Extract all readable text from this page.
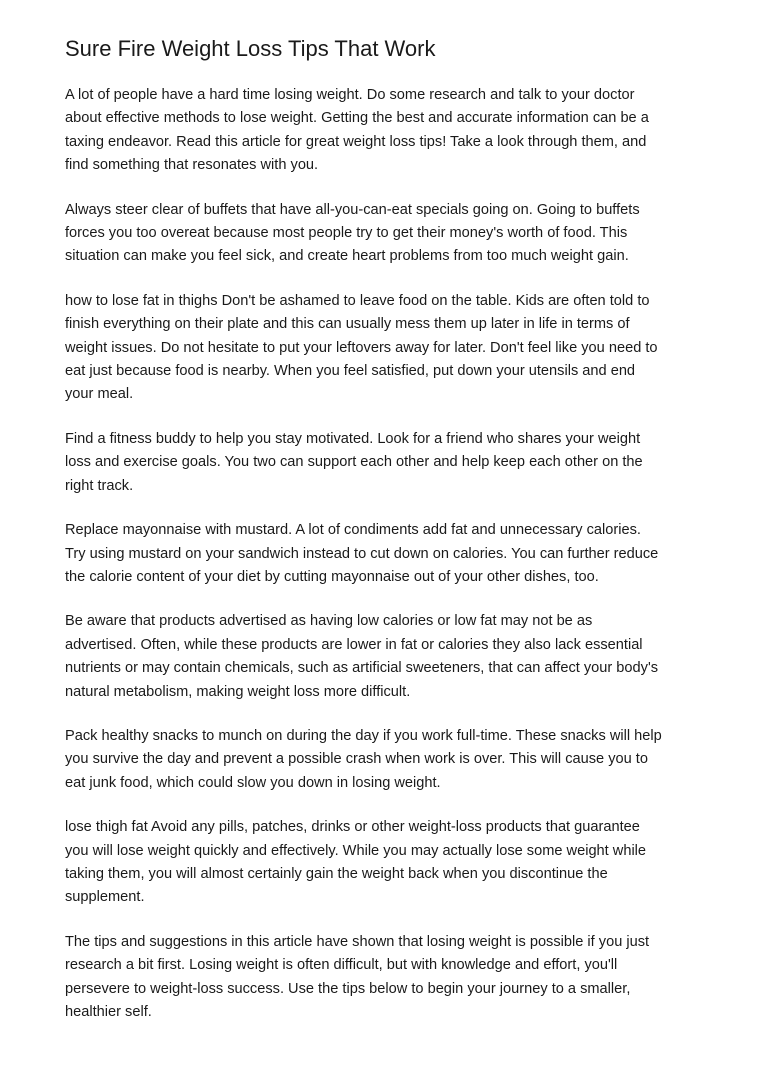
Sure Fire Weight Loss Tips That Work
A lot of people have a hard time losing weight. Do some research and talk to your doctor
about effective methods to lose weight. Getting the best and accurate information can be a
taxing endeavor. Read this article for great weight loss tips! Take a look through them, and
find something that resonates with you.
Always steer clear of buffets that have all-you-can-eat specials going on. Going to buffets
forces you too overeat because most people try to get their money's worth of food. This
situation can make you feel sick, and create heart problems from too much weight gain.
how to lose fat in thighs Don't be ashamed to leave food on the table. Kids are often told to
finish everything on their plate and this can usually mess them up later in life in terms of
weight issues. Do not hesitate to put your leftovers away for later. Don't feel like you need to
eat just because food is nearby. When you feel satisfied, put down your utensils and end
your meal.
Find a fitness buddy to help you stay motivated. Look for a friend who shares your weight
loss and exercise goals. You two can support each other and help keep each other on the
right track.
Replace mayonnaise with mustard. A lot of condiments add fat and unnecessary calories.
Try using mustard on your sandwich instead to cut down on calories. You can further reduce
the calorie content of your diet by cutting mayonnaise out of your other dishes, too.
Be aware that products advertised as having low calories or low fat may not be as
advertised. Often, while these products are lower in fat or calories they also lack essential
nutrients or may contain chemicals, such as artificial sweeteners, that can affect your body's
natural metabolism, making weight loss more difficult.
Pack healthy snacks to munch on during the day if you work full-time. These snacks will help
you survive the day and prevent a possible crash when work is over. This will cause you to
eat junk food, which could slow you down in losing weight.
lose thigh fat Avoid any pills, patches, drinks or other weight-loss products that guarantee
you will lose weight quickly and effectively. While you may actually lose some weight while
taking them, you will almost certainly gain the weight back when you discontinue the
supplement.
The tips and suggestions in this article have shown that losing weight is possible if you just
research a bit first. Losing weight is often difficult, but with knowledge and effort, you'll
persevere to weight-loss success. Use the tips below to begin your journey to a smaller,
healthier self.
